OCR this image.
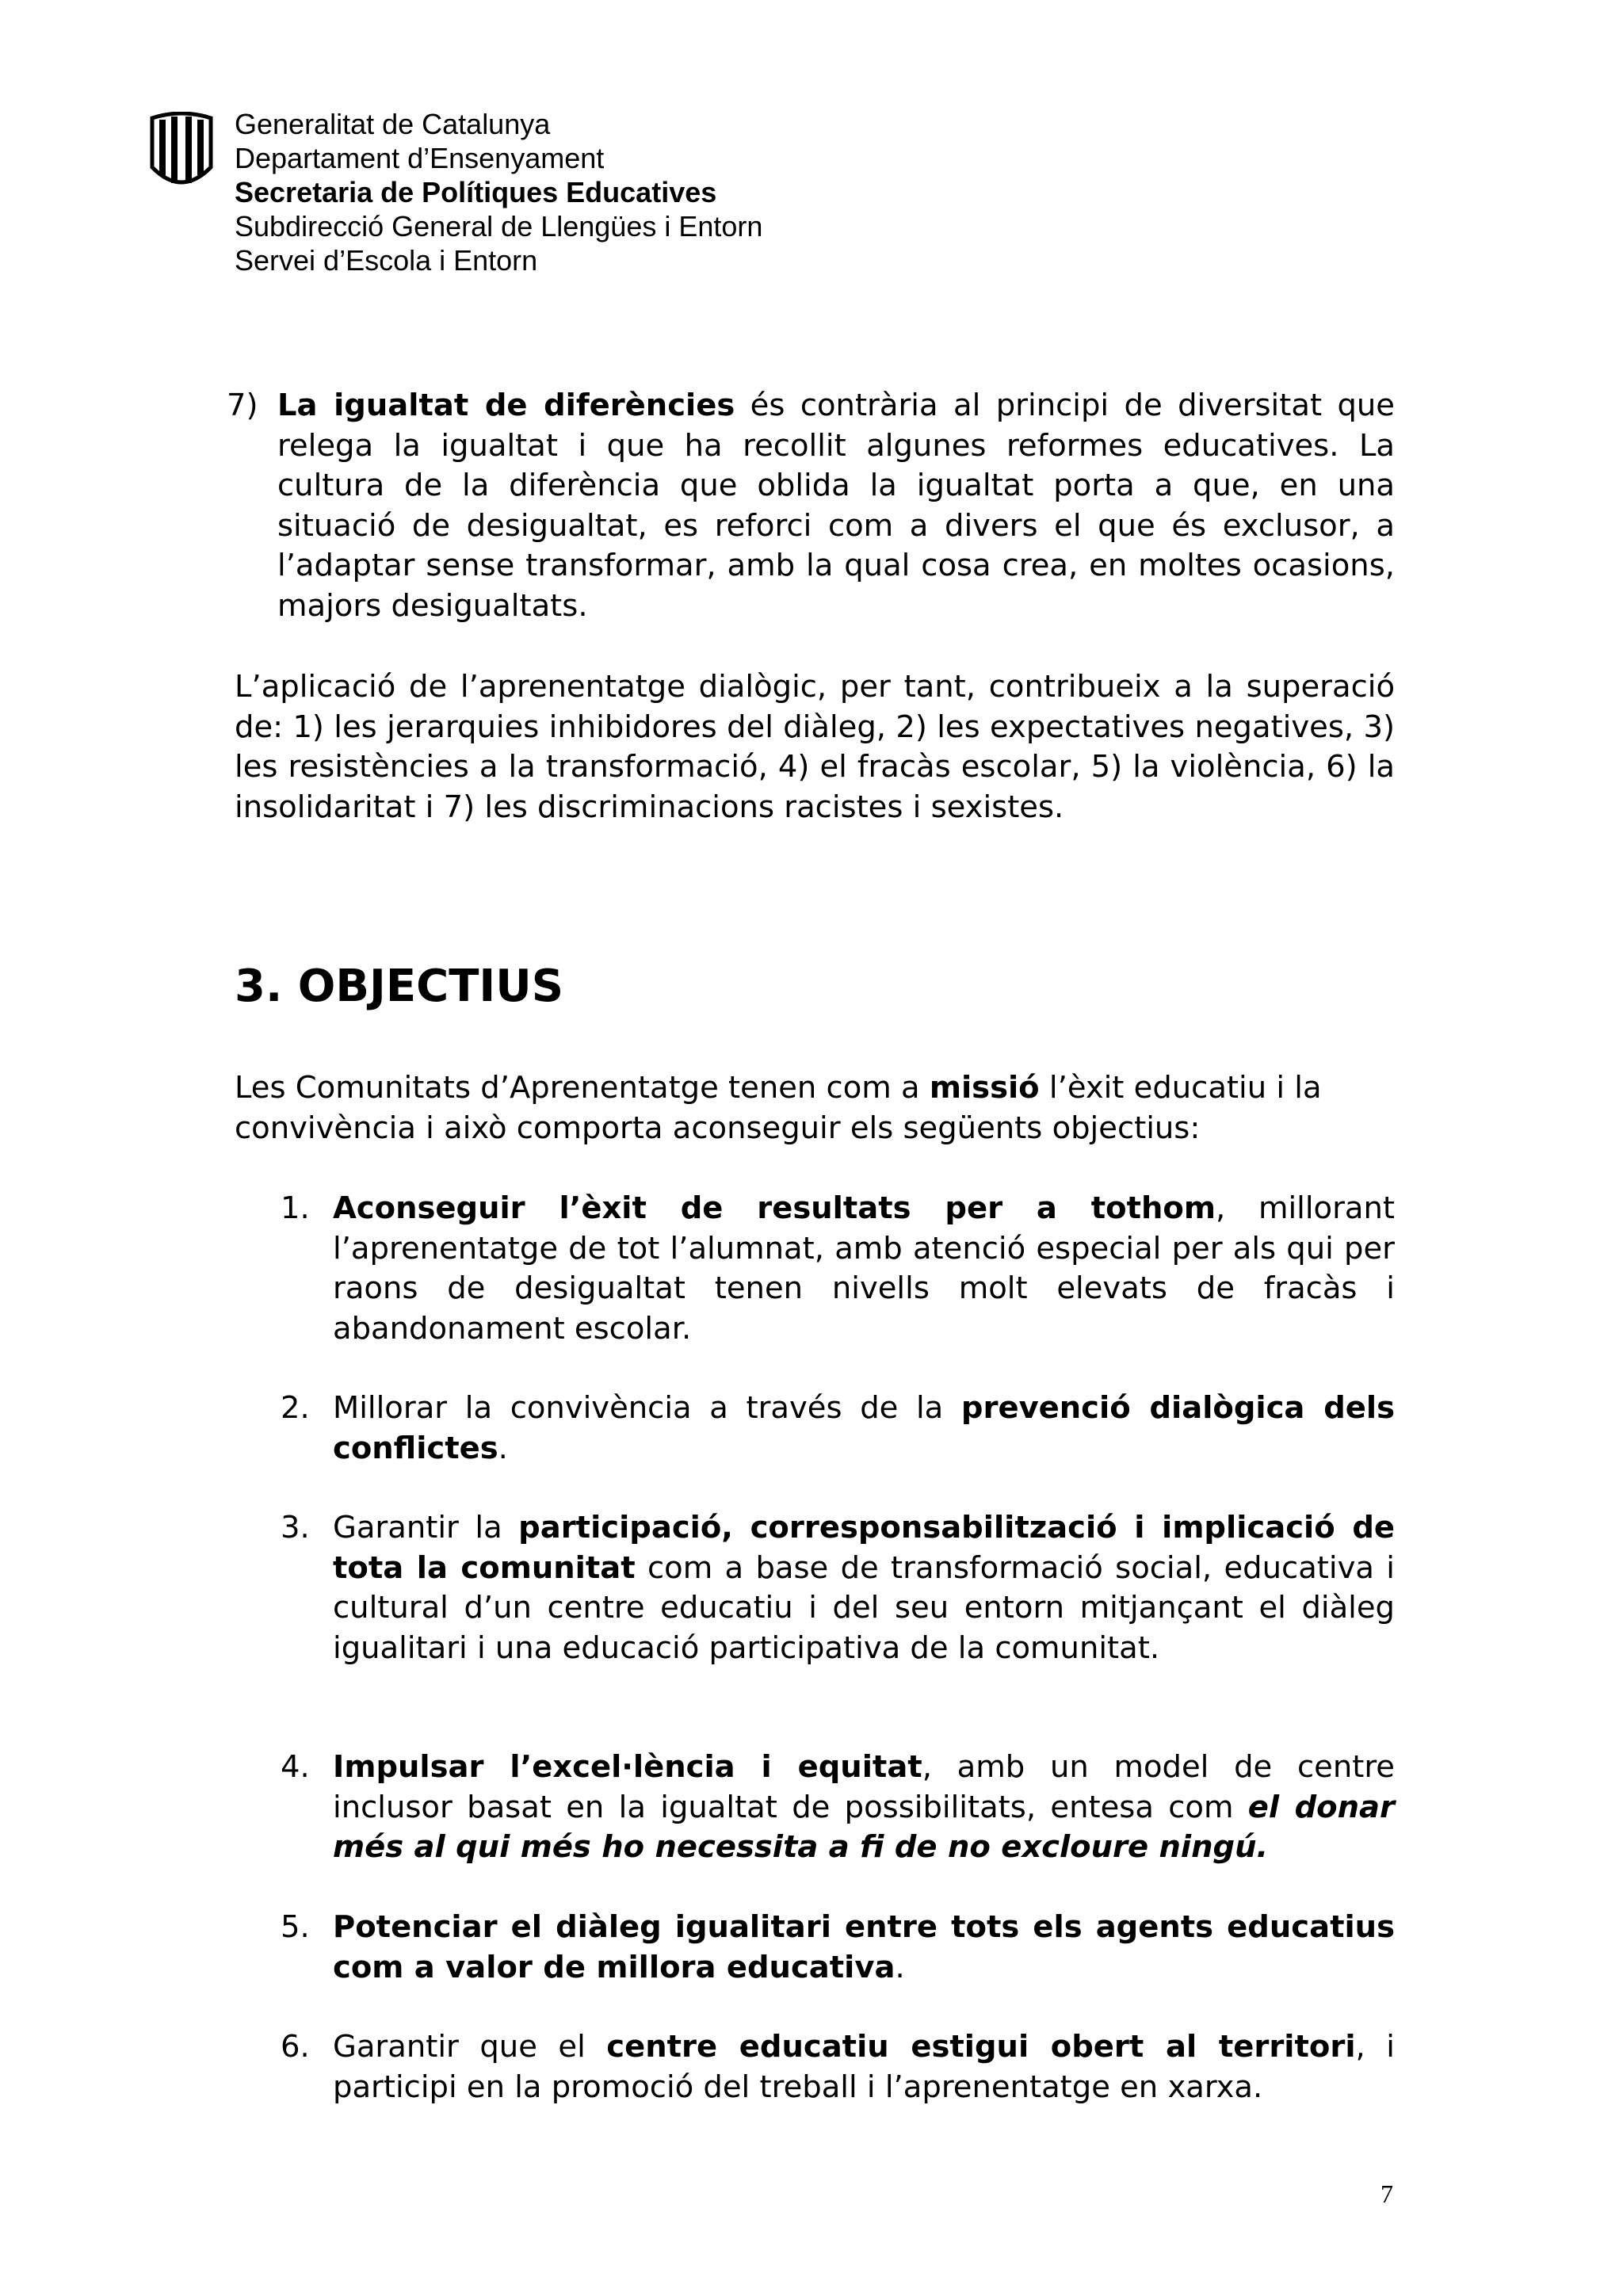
Generalitat de Catalunya
Departament d’Ensenyament
Secretaria de Polítiques Educatives
Subdirecció General de Llengües i Entorn
Servei d’Escola i Entorn
7) La igualtat de diferències és contrària al principi de diversitat que relega la igualtat i que ha recollit algunes reformes educatives. La cultura de la diferència que oblida la igualtat porta a que, en una situació de desigualtat, es reforci com a divers el que és exclusor, a l’adaptar sense transformar, amb la qual cosa crea, en moltes ocasions, majors desigualtats.
L’aplicació de l’aprenentatge dialògic, per tant, contribueix a la superació de: 1) les jerarquies inhibidores del diàleg, 2) les expectatives negatives, 3) les resistències a la transformació, 4) el fracàs escolar, 5) la violència, 6) la insolidaritat i 7) les discriminacions racistes i sexistes.
3. OBJECTIUS
Les Comunitats d’Aprenentatge tenen com a missió l’èxit educatiu i la convivència i això comporta aconseguir els següents objectius:
1. Aconseguir l’èxit de resultats per a tothom, millorant l’aprenentatge de tot l’alumnat, amb atenció especial per als qui per raons de desigualtat tenen nivells molt elevats de fracàs i abandonament escolar.
2. Millorar la convivència a través de la prevenció dialògica dels conflictes.
3. Garantir la participació, corresponsabilització i implicació de tota la comunitat com a base de transformació social, educativa i cultural d’un centre educatiu i del seu entorn mitjançant el diàleg igualitari i una educació participativa de la comunitat.
4. Impulsar l’excel·lència i equitat, amb un model de centre inclusor basat en la igualtat de possibilitats, entesa com el donar més al qui més ho necessita a fi de no excloure ningú.
5. Potenciar el diàleg igualitari entre tots els agents educatius com a valor de millora educativa.
6. Garantir que el centre educatiu estigui obert al territori, i participi en la promoció del treball i l’aprenentatge en xarxa.
7
